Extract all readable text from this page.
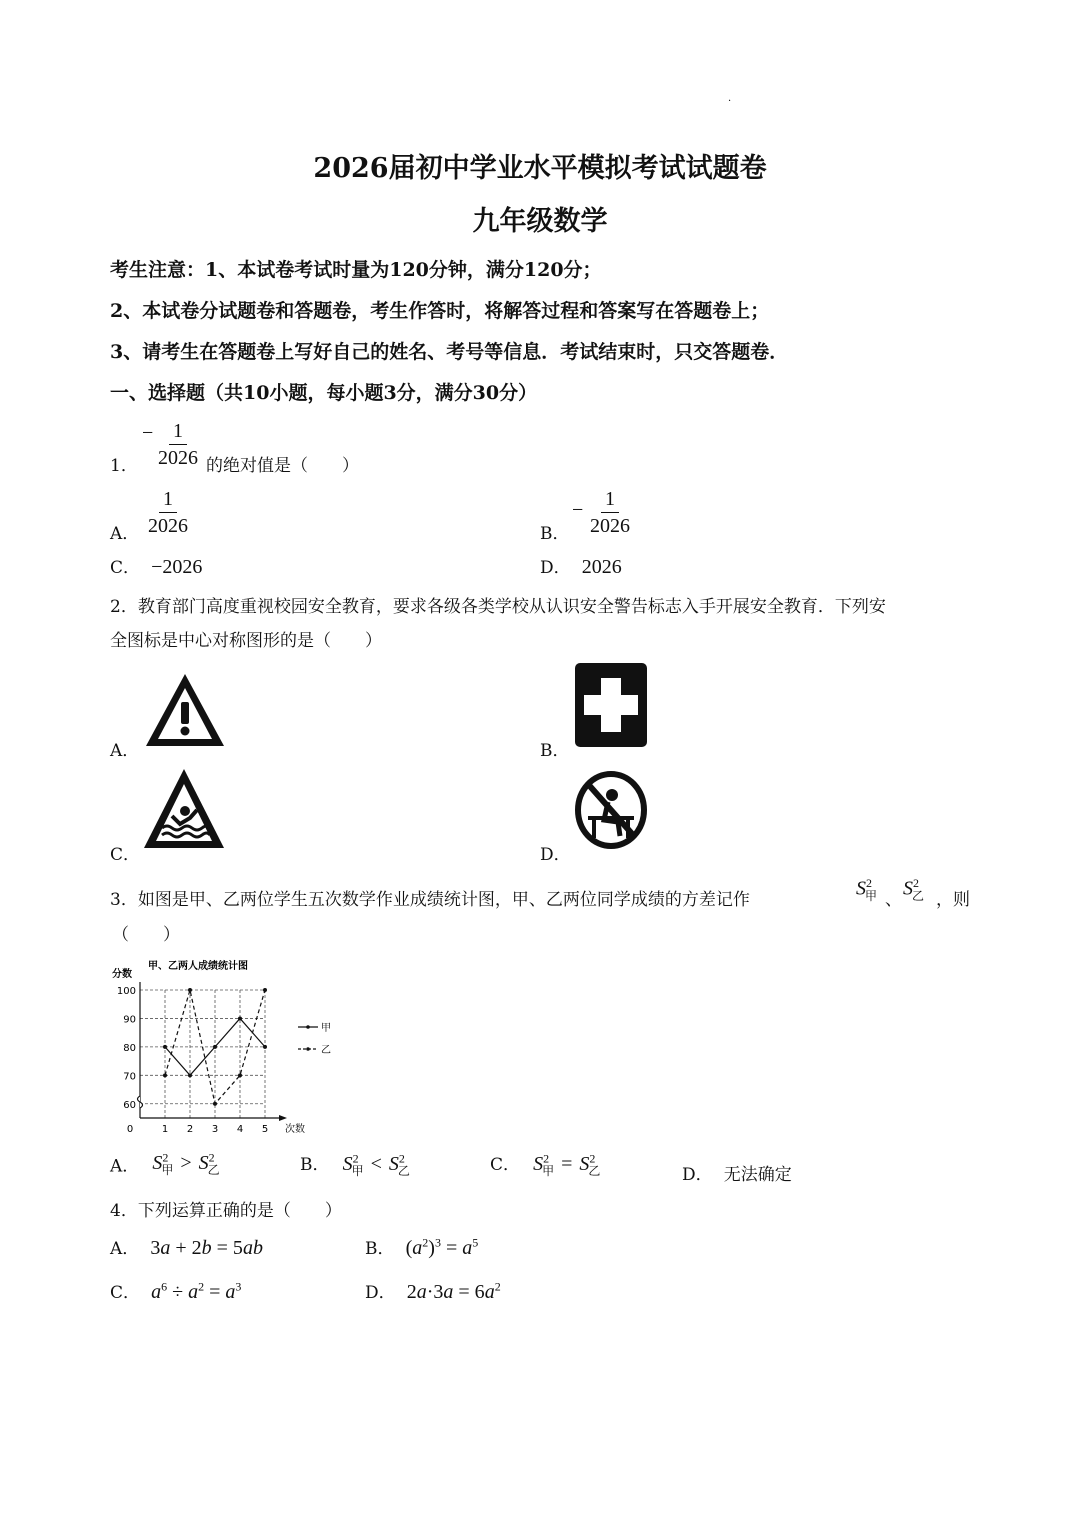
·
2026届初中学业水平模拟考试试题卷
九年级数学
考生注意：1、本试卷考试时量为120分钟，满分120分；
2、本试卷分试题卷和答题卷，考生作答时，将解答过程和答案写在答题卷上；
3、请考生在答题卷上写好自己的姓名、考号等信息．考试结束时，只交答题卷．
一、选择题（共10小题，每小题3分，满分30分）
1．
− $\frac{1}{2026}$ 的绝对值是（　　）
A． $\frac{1}{2026}$	B．
− $\frac{1}{2026}$
C． −2026	D． 2026
2．教育部门高度重视校园安全教育，要求各级各类学校从认识安全警告标志入手开展安全教育．下列安
全图标是中心对称图形的是（　　）
A．	B．
C．	D．
3．如图是甲、乙两位学生五次数学作业成绩统计图，甲、乙两位同学成绩的方差记作
$S^2_甲$ 、
$S^2_乙$ ，则
（　　）
甲、乙两人成绩统计图
分数
60
70
80
90
100
0	1 2 3 4 5 次数
甲
乙
A． $S^2_甲 > S^2_乙$	B． $S^2_甲 < S^2_乙$	C． $S^2_甲 = S^2_乙$	D． 无法确定
4．下列运算正确的是（　　）
A． 3a + 2b = 5ab	B． $(a^2)^3 = a^5$
C． $a^6 \div a^2 = a^3$	D． $2a\cdot 3a = 6a^2$
